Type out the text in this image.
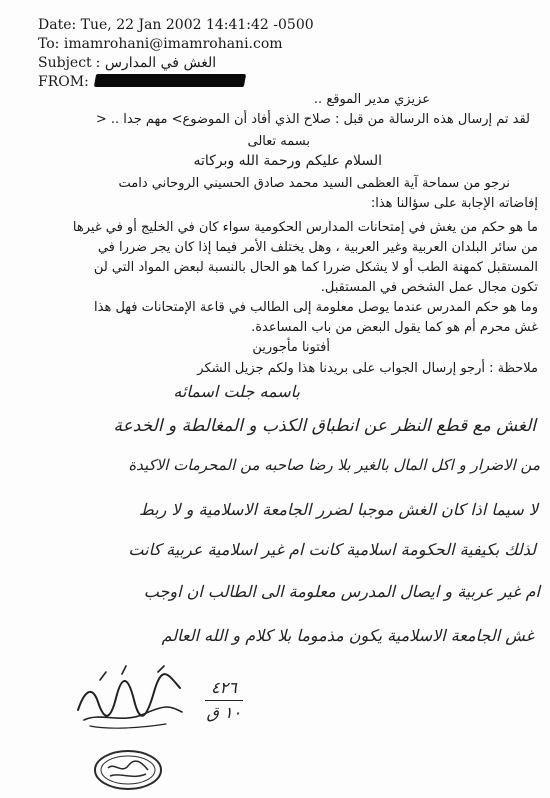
Date: Tue, 22 Jan 2002 14:41:42 -0500
To: imamrohani@imamrohani.com
Subject الغش في المدارس :
FROM:
عزيزي مدير الموقع ..
لقد تم إرسال هذه الرسالة من قبل : صلاح الذي أفاد أن الموضوع> مهم جدا .. <
بسمه تعالى
السلام عليكم ورحمة الله وبركاته
نرجو من سماحة آية العظمى السيد محمد صادق الحسيني الروحاني دامت
إفاضاته الإجابة على سؤالنا هذا:
ما هو حكم من يغش في إمتحانات المدارس الحكومية سواء كان في الخليج أو في غيرها
من سائر البلدان العربية وغير العربية ، وهل يختلف الأمر فيما إذا كان يجر ضررا في
المستقبل كمهنة الطب أو لا يشكل ضررا كما هو الحال بالنسبة لبعض المواد التي لن
تكون مجال عمل الشخص في المستقبل.
وما هو حكم المدرس عندما يوصل معلومة إلى الطالب في قاعة الإمتحانات فهل هذا
غش محرم أم هو كما يقول البعض من باب المساعدة.
أفتونا مأجورين
ملاحظة : أرجو إرسال الجواب على بريدنا هذا ولكم جزيل الشكر
باسمه جلت اسمائه
الغش مع قطع النظر عن انطباق الكذب و المغالطة و الخدعة
من الاضرار و اكل المال بالغير بلا رضا صاحبه من المحرمات الاكيدة
لا سيما اذا كان الغش موجبا لضرر الجامعة الاسلامية و لا ربط
لذلك بكيفية الحكومة اسلامية كانت ام غير اسلامية عربية كانت
ام غير عربية و ايصال المدرس معلومة الى الطالب ان اوجب
غش الجامعة الاسلامية يكون مذموما بلا كلام و الله العالم
٤٢٦
١٠ ق
